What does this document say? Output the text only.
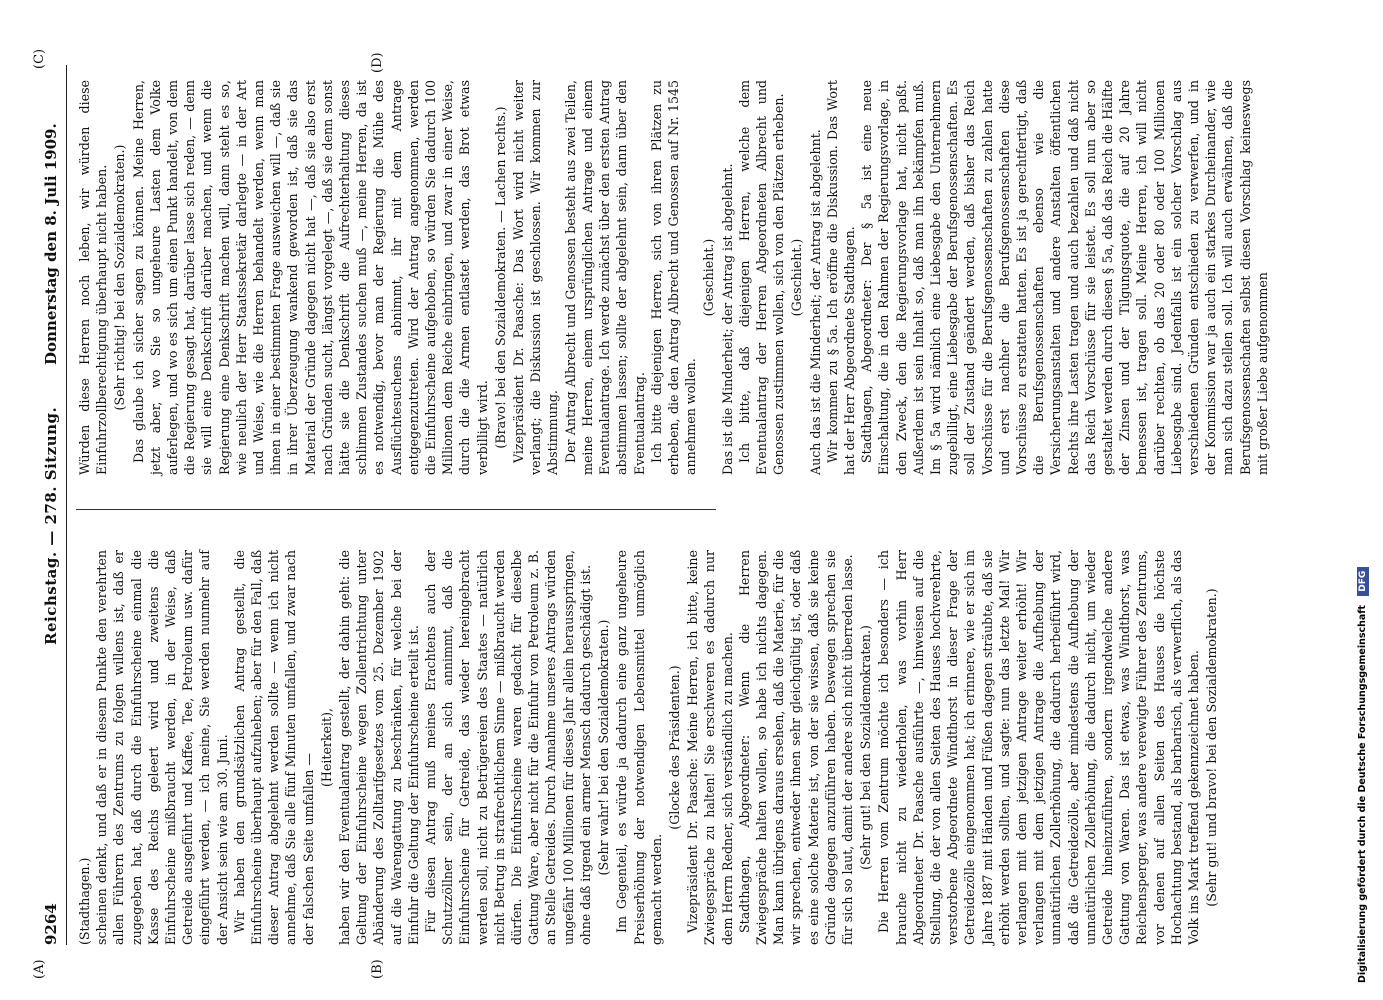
9264
Reichstag. — 278. Sitzung.
Donnerstag den 8. Juli 1909.
(A)	(B)
(C)	(D)

(Stadthagen.) scheinen denkt, und daß er in diesem Punkte den verehrten allen Führern des Zentrums zu folgen willens ist, daß er zugegeben hat, daß durch die Einfuhrscheine einmal die Kasse des Reichs geleert wird und zweitens die Einfuhrscheine mißbraucht werden, in der Weise, daß Getreide ausgeführt und Kaffee, Tee, Petroleum usw. dafür eingeführt werden, — ich meine, Sie werden nunmehr auf der Ansicht sein wie am 30. Juni. Wir haben den grundsätzlichen Antrag gestellt, die Einfuhrscheine überhaupt aufzuheben; aber für den Fall, daß dieser Antrag abgelehnt werden sollte — wenn ich nicht annehme, daß Sie alle fünf Minuten umfallen, und zwar nach der falschen Seite umfallen —

(Heiterkeit), haben wir den Eventualantrag gestellt, der dahin geht: die Geltung der Einfuhrscheine wegen Zollentrichtung unter Abänderung des Zolltarifgesetzes vom 25. Dezember 1902 auf die Warengattung zu beschränken, für welche bei der Einfuhr die Geltung der Einfuhrscheine erteilt ist. Für diesen Antrag muß meines Erachtens auch der Schutzzöllner sein, der an sich annimmt, daß die Einfuhrscheine für Getreide, das wieder hereingebracht werden soll, nicht zu Betrügereien des Staates — natürlich nicht Betrug in strafrechtlichem Sinne — mißbraucht werden dürfen. Die Einfuhrscheine waren gedacht für dieselbe Gattung Ware, aber nicht für die Einfuhr von Petroleum z. B. an Stelle Getreides. Durch Annahme unseres Antrags würden ungefähr 100 Millionen für dieses Jahr allein herausspringen, ohne daß irgend ein armer Mensch dadurch geschädigt ist. (Sehr wahr! bei den Sozialdemokraten.) Im Gegenteil, es würde ja dadurch eine ganz ungeheure Preiserhöhung der notwendigen Lebensmittel unmöglich gemacht werden.

(Glocke des Präsidenten.) Vizepräsident Dr. Paasche: Meine Herren, ich bitte, keine Zwiegespräche zu halten! Sie erschweren es dadurch nur dem Herrn Redner, sich verständlich zu machen. Stadthagen, Abgeordneter: Wenn die Herren Zwiegespräche halten wollen, so habe ich nichts dagegen. Man kann übrigens daraus ersehen, daß die Materie, für die wir sprechen, entweder ihnen sehr gleichgültig ist, oder daß es eine solche Materie ist, von der sie wissen, daß sie keine Gründe dagegen anzuführen haben. Deswegen sprechen sie für sich so laut, damit der andere sich nicht überreden lasse. (Sehr gut! bei den Sozialdemokraten.) Die Herren vom Zentrum möchte ich besonders — ich brauche nicht zu wiederholen, was vorhin Herr Abgeordneter Dr. Paasche ausführte —, hinweisen auf die Stellung, die der von allen Seiten des Hauses hochverehrte, verstorbene Abgeordnete Windthorst in dieser Frage der Getreidezölle eingenommen hat; ich erinnere, wie er sich im Jahre 1887 mit Händen und Füßen dagegen sträubte, daß sie erhöht werden sollten, und sagte: nun das letzte Mal! Wir verlangen mit dem jetzigen Antrage weiter erhöht! Wir verlangen mit dem jetzigen Antrage die Aufhebung der unnatürlichen Zollerhöhung, die dadurch herbeiführt wird, daß die Getreidezölle, aber mindestens die Aufhebung der unnatürlichen Zollerhöhung, die dadurch nicht, um wieder Getreide hineinzuführen, sondern irgendwelche andere Gattung von Waren. Das ist etwas, was Windthorst, was Reichensperger, was andere verewigte Führer des Zentrums, vor denen auf allen Seiten des Hauses die höchste Hochachtung bestand, als barbarisch, als verwerflich, als das Volk ins Mark treffend gekennzeichnet haben. (Sehr gut! und bravo! bei den Sozialdemokraten.)

Würden diese Herren noch leben, wir würden diese Einfuhrzollberechtigung überhaupt nicht haben. (Sehr richtig! bei den Sozialdemokraten.) Das glaube ich sicher sagen zu können. Meine Herren, jetzt aber, wo Sie so ungeheure Lasten dem Volke auferlegen, und wo es sich um einen Punkt handelt, von dem die Regierung gesagt hat, darüber lasse sich reden, — denn sie will eine Denkschrift darüber machen, und wenn die Regierung eine Denkschrift machen will, dann steht es so, wie neulich der Herr Staatssekretär darlegte — in der Art und Weise, wie die Herren behandelt werden, wenn man ihnen in einer bestimmten Frage ausweichen will —, daß sie in ihrer Überzeugung wankend geworden ist, daß sie das Material der Gründe dagegen nicht hat —, daß sie also erst nach Gründen sucht, längst vorgelegt —, daß sie denn sonst hätte sie die Denkschrift die Aufrechterhaltung dieses schlimmen Zustandes suchen muß —, meine Herren, da ist es notwendig, bevor man der Regierung die Mühe des Ausflüchtesuchens abnimmt, ihr mit dem Antrage entgegenzutreten. Wird der Antrag angenommen, werden die Einfuhrscheine aufgehoben, so würden Sie dadurch 100 Millionen dem Reiche einbringen, und zwar in einer Weise, durch die die Armen entlastet werden, das Brot etwas verbilligt wird. (Bravo! bei den Sozialdemokraten. — Lachen rechts.) Vizepräsident Dr. Paasche: Das Wort wird nicht weiter verlangt; die Diskussion ist geschlossen. Wir kommen zur Abstimmung. Der Antrag Albrecht und Genossen besteht aus zwei Teilen, meine Herren, einem ursprünglichen Antrage und einem Eventualantrage. Ich werde zunächst über den ersten Antrag abstimmen lassen; sollte der abgelehnt sein, dann über den Eventualantrag. Ich bitte diejenigen Herren, sich von ihren Plätzen zu erheben, die den Antrag Albrecht und Genossen auf Nr. 1545 annehmen wollen.

(Geschieht.) Das ist die Minderheit; der Antrag ist abgelehnt. Ich bitte, daß diejenigen Herren, welche dem Eventualantrag der Herren Abgeordneten Albrecht und Genossen zustimmen wollen, sich von den Plätzen erheben. (Geschieht.) Auch das ist die Minderheit; der Antrag ist abgelehnt. Wir kommen zu § 5a. Ich eröffne die Diskussion. Das Wort hat der Herr Abgeordnete Stadthagen. Stadthagen, Abgeordneter: Der § 5a ist eine neue Einschaltung, die in den Rahmen der Regierungsvorlage, in den Zweck, den die Regierungsvorlage hat, nicht paßt. Außerdem ist sein Inhalt so, daß man ihn bekämpfen muß. Im § 5a wird nämlich eine Liebesgabe den Unternehmern zugebilligt, eine Liebesgabe der Berufsgenossenschaften. Es soll der Zustand geändert werden, daß bisher das Reich Vorschüsse für die Berufsgenossenschaften zu zahlen hatte und erst nachher die Berufsgenossenschaften diese Vorschüsse zu erstatten hatten. Es ist ja gerechtfertigt, daß die Berufsgenossenschaften ebenso wie die Versicherungsanstalten und andere Anstalten öffentlichen Rechts ihre Lasten tragen und auch bezahlen und daß nicht das Reich Vorschüsse für sie leistet. Es soll nun aber so gestaltet werden durch diesen § 5a, daß das Reich die Hälfte der Zinsen und der Tilgungsquote, die auf 20 Jahre bemessen ist, tragen soll. Meine Herren, ich will nicht darüber rechten, ob das 20 oder 80 oder 100 Millionen Liebesgabe sind. Jedenfalls ist ein solcher Vorschlag aus verschiedenen Gründen entschieden zu verwerfen, und in der Kommission war ja auch ein starkes Durcheinander, wie man sich dazu stellen soll. Ich will auch erwähnen, daß die Berufsgenossenschaften selbst diesen Vorschlag keineswegs mit großer Liebe aufgenommen

Digitalisierung gefördert durch die Deutsche Forschungsgemeinschaft DFG
